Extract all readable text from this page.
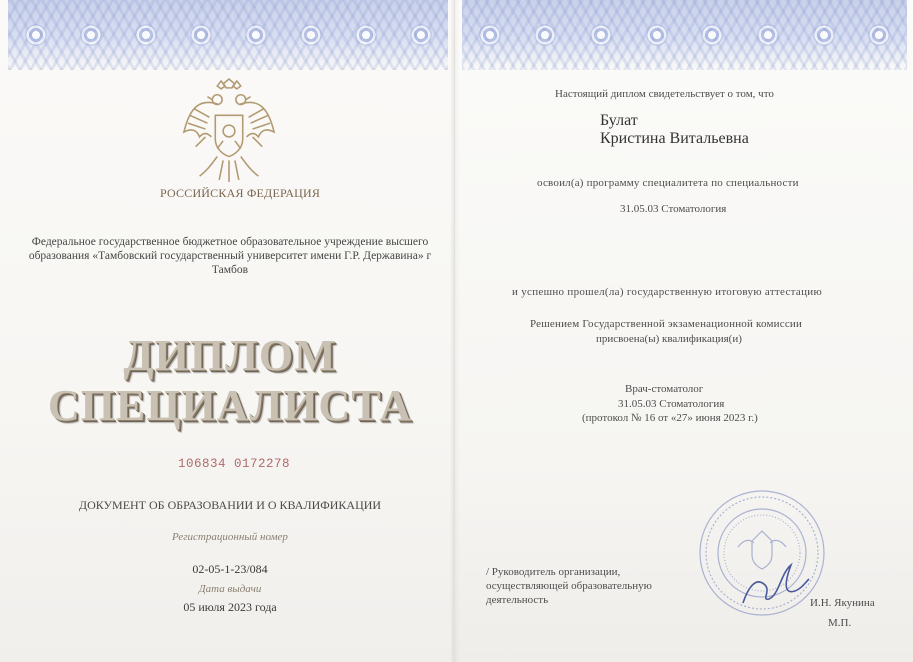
РОССИЙСКАЯ ФЕДЕРАЦИЯ
Федеральное государственное бюджетное образовательное учреждение высшего образования «Тамбовский государственный университет имени Г.Р. Державина» г Тамбов
ДИПЛОМ
СПЕЦИАЛИСТА
106834 0172278
ДОКУМЕНТ ОБ ОБРАЗОВАНИИ И О КВАЛИФИКАЦИИ
Регистрационный номер
02-05-1-23/084
Дата выдачи
05 июля 2023 года
Настоящий диплом свидетельствует о том, что
Булат
Кристина Витальевна
освоил(а) программу специалитета по специальности
31.05.03 Стоматология
и успешно прошел(ла) государственную итоговую аттестацию
Решением Государственной экзаменационной комиссии
присвоена(ы) квалификация(и)
Врач-стоматолог
31.05.03 Стоматология
(протокол № 16 от «27» июня 2023 г.)
/ Руководитель организации, осуществляющей образовательную деятельность	И.Н. Якунина
М.П.
